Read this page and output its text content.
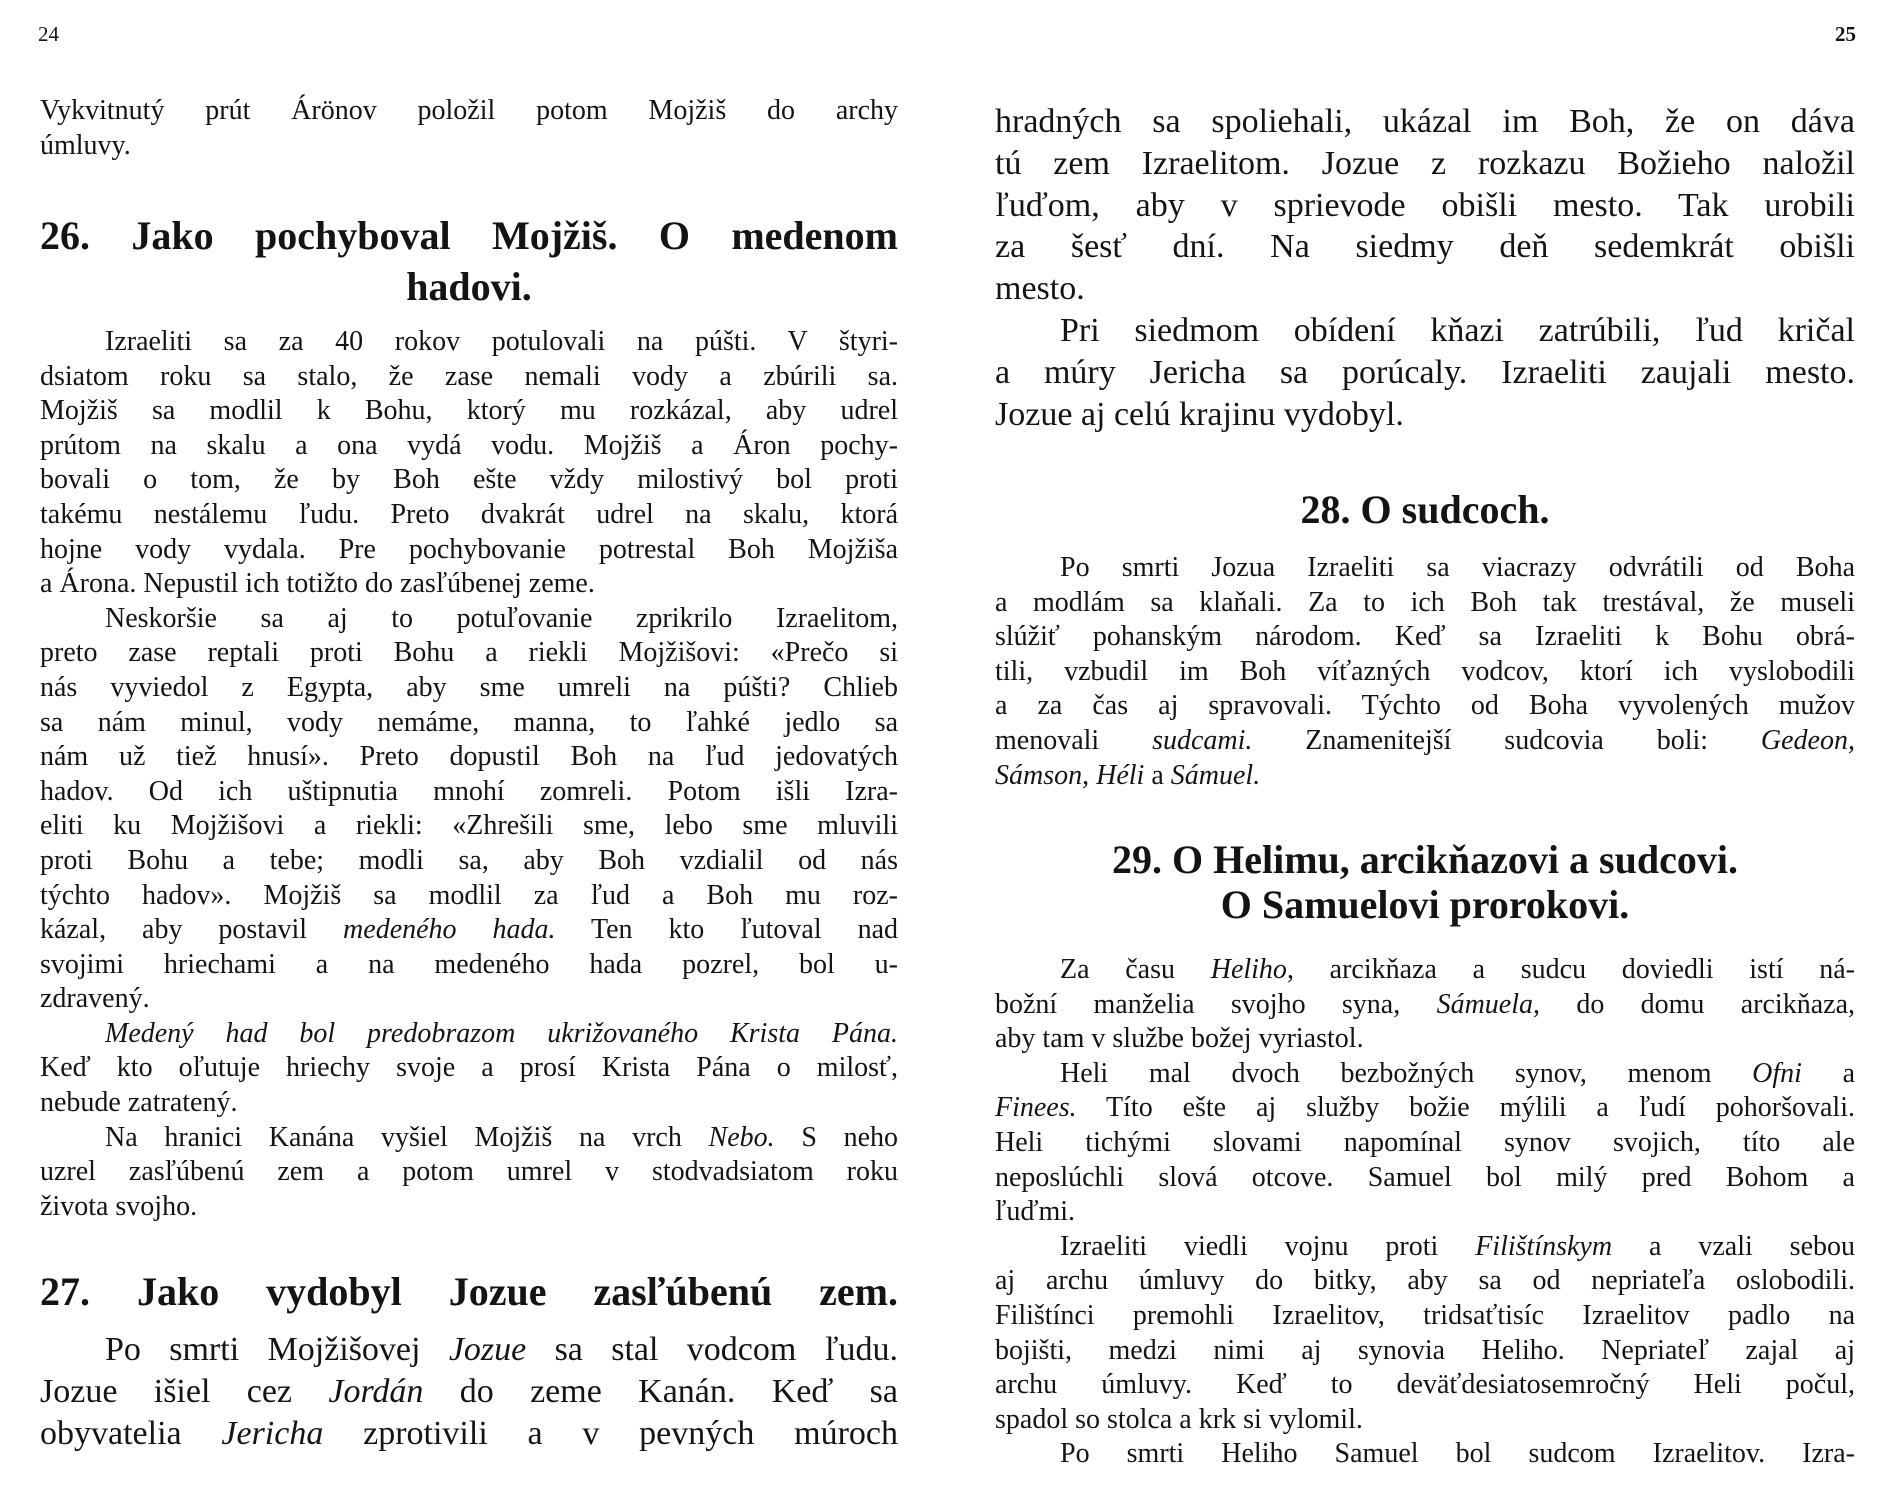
24	25
Vykvitnutý prút Árönov položil potom Mojžiš do archy
úmluvy.
26. Jako pochyboval Mojžiš. O medenom
hadovi.
Izraeliti sa za 40 rokov potulovali na púšti. V štyri-
dsiatom roku sa stalo, že zase nemali vody a zbúrili sa.
Mojžiš sa modlil k Bohu, ktorý mu rozkázal, aby udrel
prútom na skalu a ona vydá vodu. Mojžiš a Áron pochy-
bovali o tom, že by Boh ešte vždy milostivý bol proti
takému nestálemu ľudu. Preto dvakrát udrel na skalu, ktorá
hojne vody vydala. Pre pochybovanie potrestal Boh Mojžiša
a Árona. Nepustil ich totižto do zasľúbenej zeme.
Neskoršie sa aj to potuľovanie zprikrilo Izraelitom,
preto zase reptali proti Bohu a riekli Mojžišovi: «Prečo si
nás vyviedol z Egypta, aby sme umreli na púšti? Chlieb
sa nám minul, vody nemáme, manna, to ľahké jedlo sa
nám už tiež hnusí». Preto dopustil Boh na ľud jedovatých
hadov. Od ich uštipnutia mnohí zomreli. Potom išli Izra-
eliti ku Mojžišovi a riekli: «Zhrešili sme, lebo sme mluvili
proti Bohu a tebe; modli sa, aby Boh vzdialil od nás
týchto hadov». Mojžiš sa modlil za ľud a Boh mu roz-
kázal, aby postavil medeného hada. Ten kto ľutoval nad
svojimi hriechami a na medeného hada pozrel, bol u-
zdravený.
Medený had bol predobrazom ukrižovaného Krista Pána.
Keď kto oľutuje hriechy svoje a prosí Krista Pána o milosť,
nebude zatratený.
Na hranici Kanána vyšiel Mojžiš na vrch Nebo. S neho
uzrel zasľúbenú zem a potom umrel v stodvadsiatom roku
života svojho.
27. Jako vydobyl Jozue zasľúbenú zem.
Po smrti Mojžišovej Jozue sa stal vodcom ľudu.
Jozue išiel cez Jordán do zeme Kanán. Keď sa
obyvatelia Jericha zprotivili a v pevných múroch
hradných sa spoliehali, ukázal im Boh, že on dáva
tú zem Izraelitom. Jozue z rozkazu Božieho naložil
ľuďom, aby v sprievode obišli mesto. Tak urobili
za šesť dní. Na siedmy deň sedemkrát obišli
mesto.
Pri siedmom obídení kňazi zatrúbili, ľud kričal
a múry Jericha sa porúcaly. Izraeliti zaujali mesto.
Jozue aj celú krajinu vydobyl.
28. O sudcoch.
Po smrti Jozua Izraeliti sa viacrazy odvrátili od Boha
a modlám sa klaňali. Za to ich Boh tak trestával, že museli
slúžiť pohanským národom. Keď sa Izraeliti k Bohu obrá-
tili, vzbudil im Boh víťazných vodcov, ktorí ich vyslobodili
a za čas aj spravovali. Týchto od Boha vyvolených mužov
menovali sudcami. Znamenitejší sudcovia boli: Gedeon,
Sámson, Héli a Sámuel.
29. O Helimu, arcikňazovi a sudcovi.
O Samuelovi prorokovi.
Za času Heliho, arcikňaza a sudcu doviedli istí ná-
božní manželia svojho syna, Sámuela, do domu arcikňaza,
aby tam v službe božej vyriastol.
Heli mal dvoch bezbožných synov, menom Ofni a
Finees. Títo ešte aj služby božie mýlili a ľudí pohoršovali.
Heli tichými slovami napomínal synov svojich, títo ale
neposlúchli slová otcove. Samuel bol milý pred Bohom a
ľuďmi.
Izraeliti viedli vojnu proti Filištínskym a vzali sebou
aj archu úmluvy do bitky, aby sa od nepriateľa oslobodili.
Filištínci premohli Izraelitov, tridsaťtisíc Izraelitov padlo na
bojišti, medzi nimi aj synovia Heliho. Nepriateľ zajal aj
archu úmluvy. Keď to deväťdesiatosemročný Heli počul,
spadol so stolca a krk si vylomil.
Po smrti Heliho Samuel bol sudcom Izraelitov. Izra-
